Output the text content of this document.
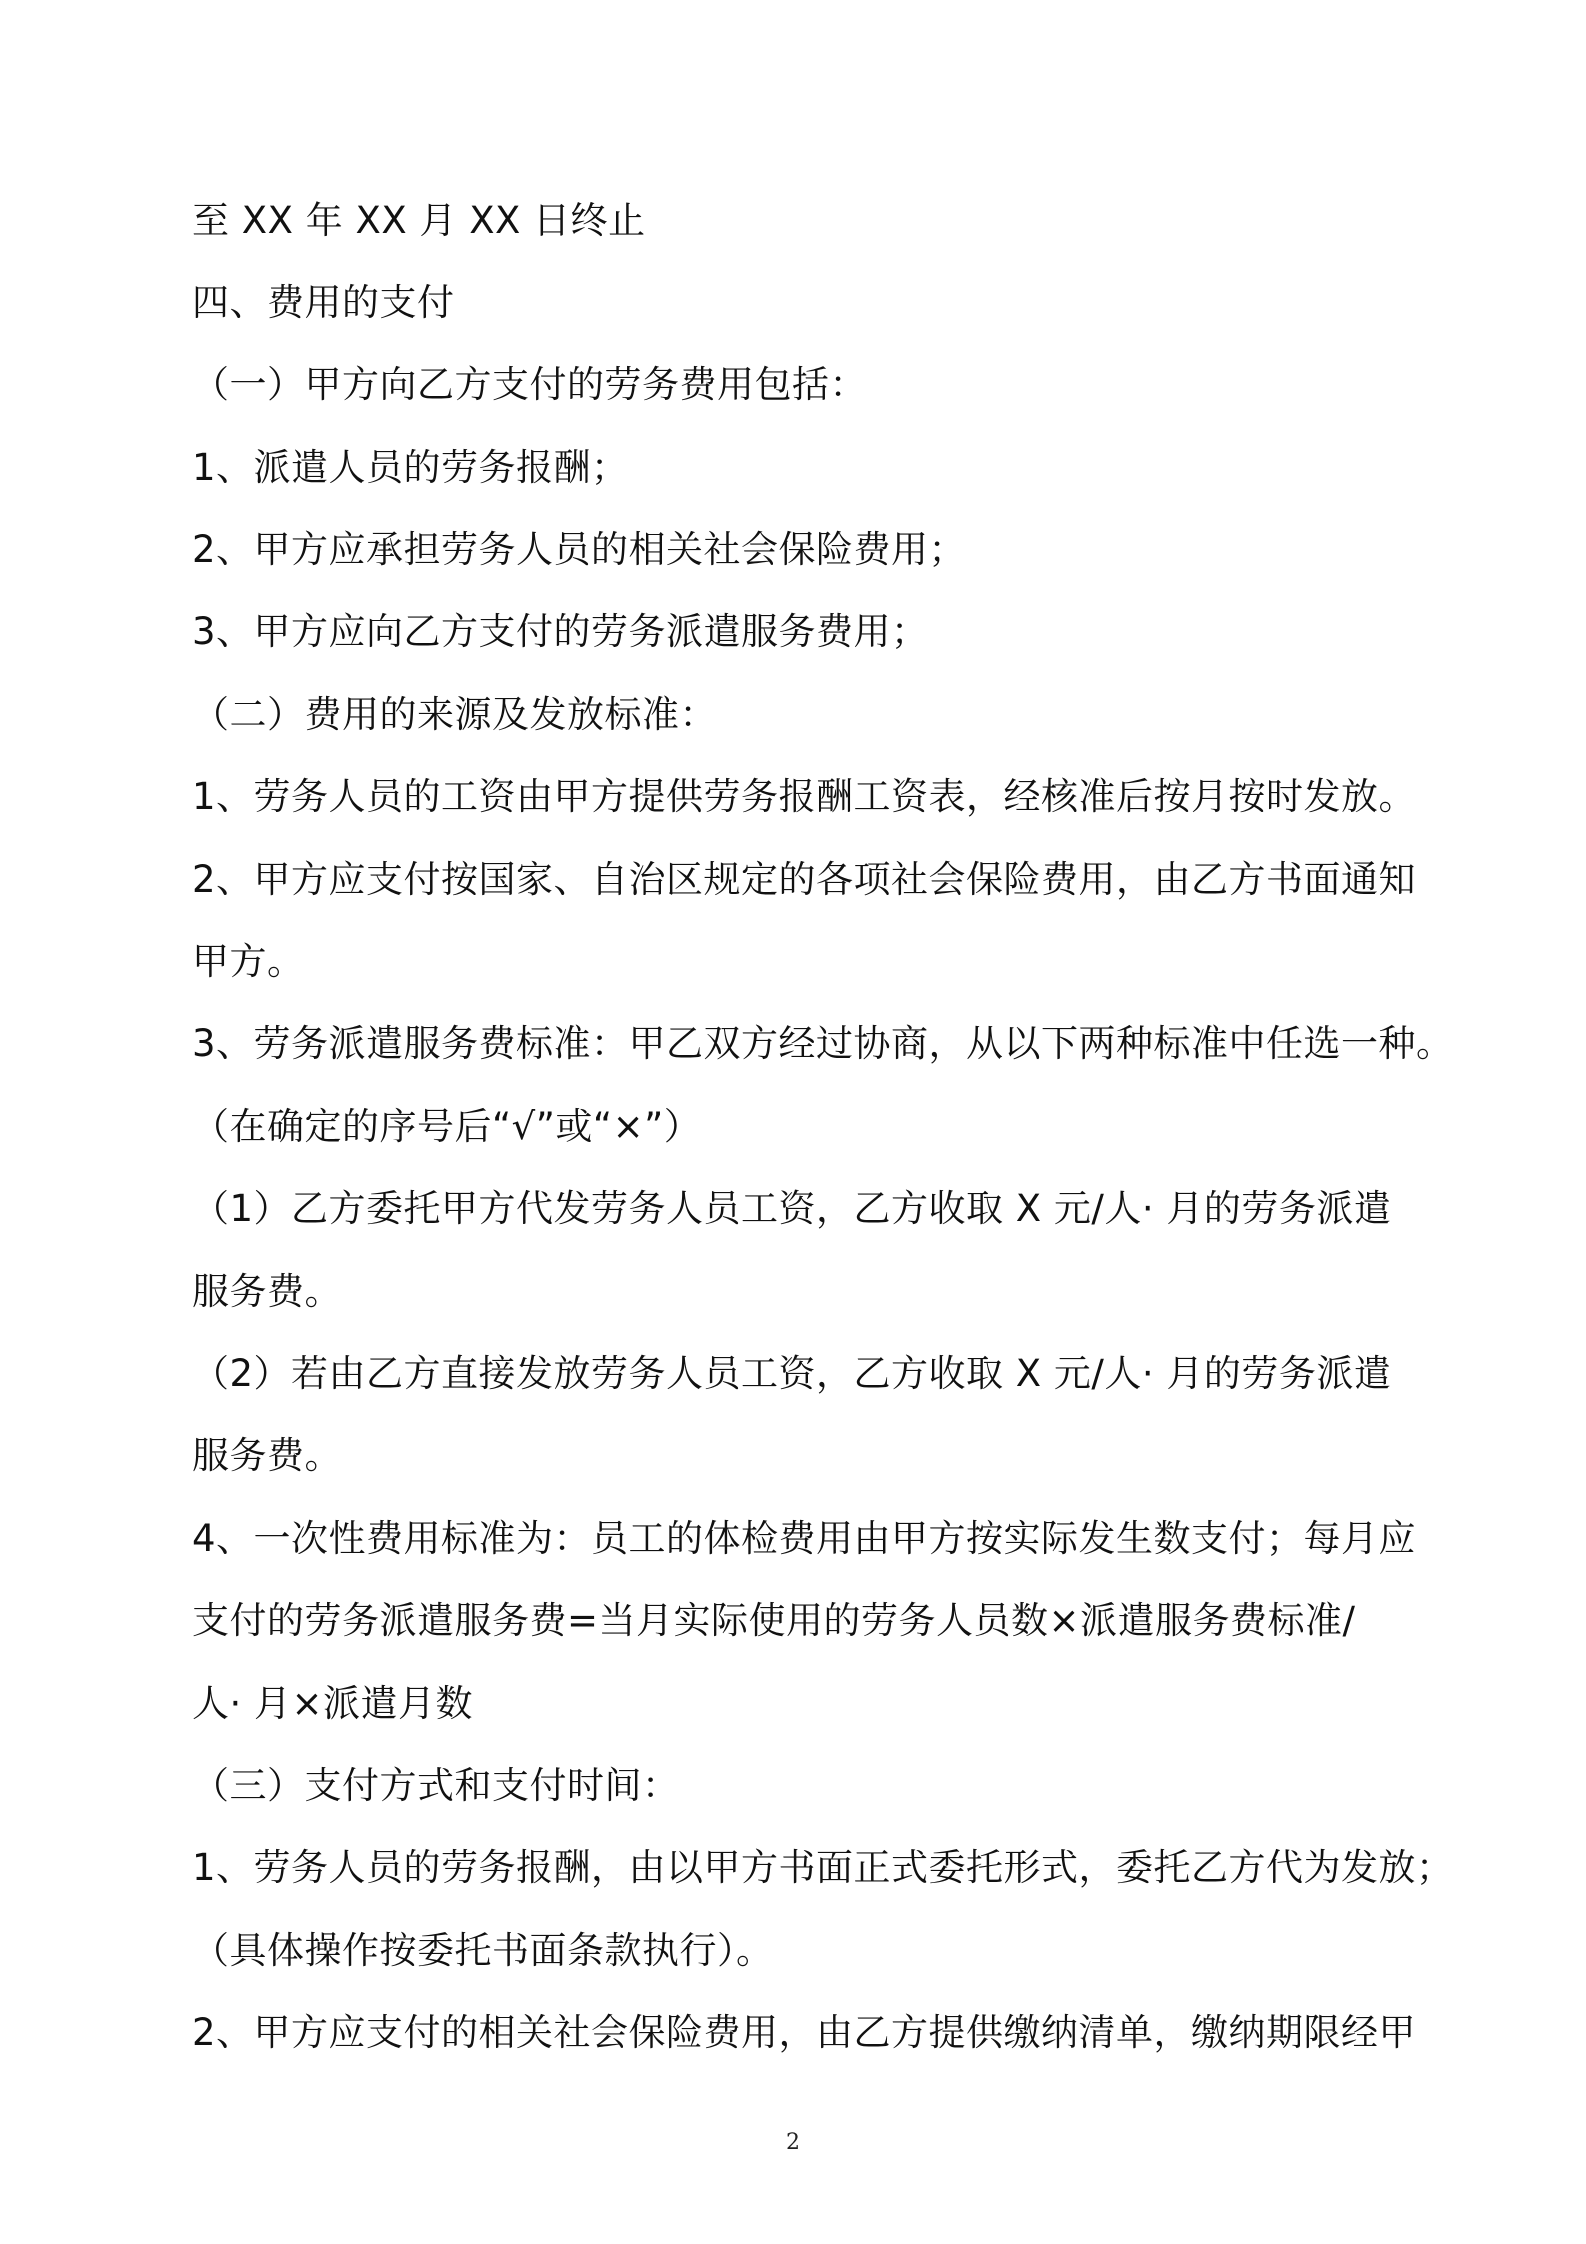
至 XX 年 XX 月 XX 日终止
四、费用的支付
（一）甲方向乙方支付的劳务费用包括：
1、派遣人员的劳务报酬；
2、甲方应承担劳务人员的相关社会保险费用；
3、甲方应向乙方支付的劳务派遣服务费用；
（二）费用的来源及发放标准：
1、劳务人员的工资由甲方提供劳务报酬工资表，经核准后按月按时发放。
2、甲方应支付按国家、自治区规定的各项社会保险费用，由乙方书面通知
甲方。
3、劳务派遣服务费标准：甲乙双方经过协商，从以下两种标准中任选一种。
（在确定的序号后“√”或“×”）
（1）乙方委托甲方代发劳务人员工资，乙方收取 X 元/人· 月的劳务派遣
服务费。
（2）若由乙方直接发放劳务人员工资，乙方收取 X 元/人· 月的劳务派遣
服务费。
4、一次性费用标准为：员工的体检费用由甲方按实际发生数支付；每月应
支付的劳务派遣服务费=当月实际使用的劳务人员数×派遣服务费标准/
人· 月×派遣月数
（三）支付方式和支付时间：
1、劳务人员的劳务报酬，由以甲方书面正式委托形式，委托乙方代为发放；
（具体操作按委托书面条款执行）。
2、甲方应支付的相关社会保险费用，由乙方提供缴纳清单，缴纳期限经甲
2
